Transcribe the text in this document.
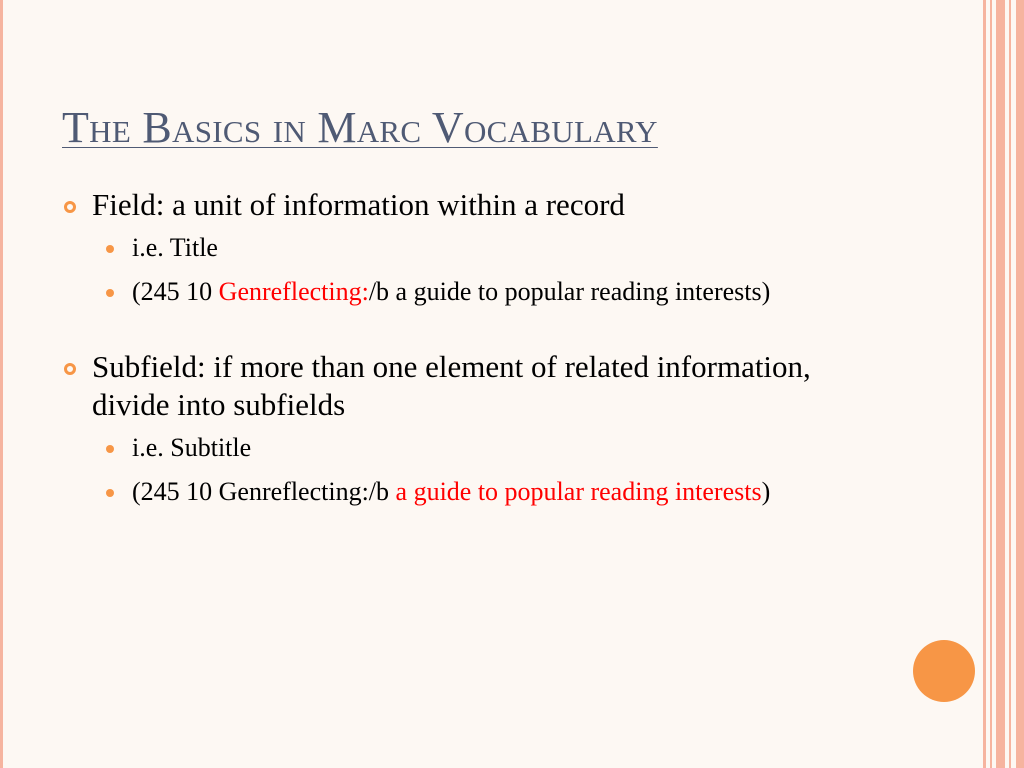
The Basics in Marc Vocabulary
Field: a unit of information within a record
i.e. Title
(245 10 Genreflecting:/b a guide to popular reading interests)
Subfield: if more than one element of related information, divide into subfields
i.e. Subtitle
(245 10 Genreflecting:/b a guide to popular reading interests)
